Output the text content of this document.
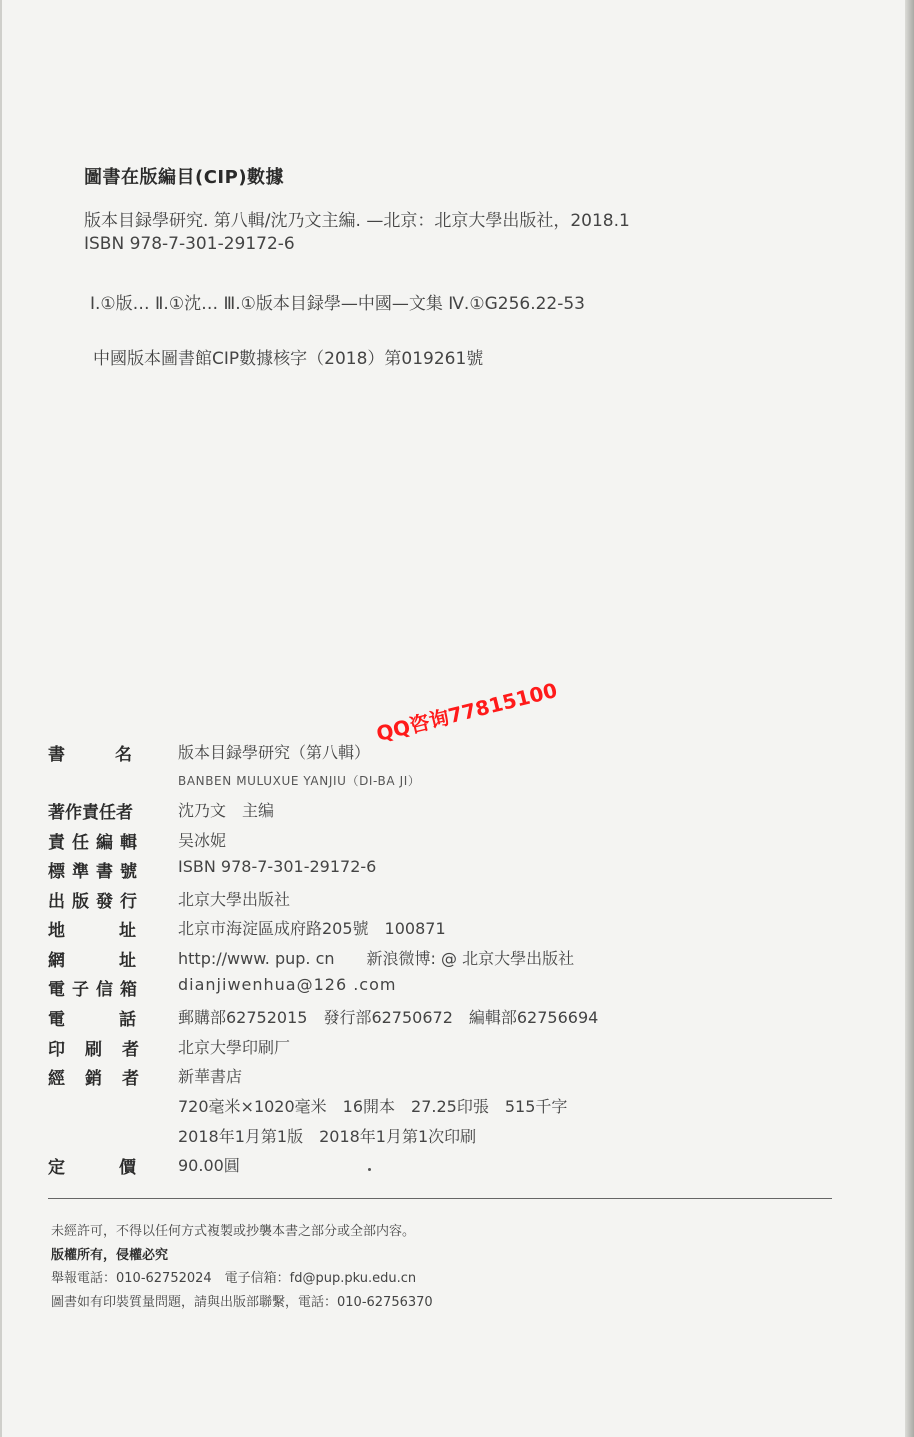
圖書在版編目(CIP)數據
版本目録學研究. 第八輯/沈乃文主編. —北京：北京大學出版社，2018.1
ISBN 978-7-301-29172-6
Ⅰ.①版… Ⅱ.①沈… Ⅲ.①版本目録學—中國—文集 Ⅳ.①G256.22-53
中國版本圖書館CIP數據核字（2018）第019261號
QQ咨询77815100
書名
版本目録學研究（第八輯）
BANBEN MULUXUE YANJIU（DI-BA JI）
著作責任者	沈乃文　主编
責任編輯 吴冰妮
標準書號 ISBN 978-7-301-29172-6
出版發行 北京大學出版社
地址
北京市海淀區成府路205號　100871
網址
http://www. pup. cn　　新浪微博: @ 北京大學出版社
電子信箱 dianjiwenhua@126 .com
電話
郵購部62752015　發行部62750672　編輯部62756694
印刷者 北京大學印刷厂
經銷者 新華書店
720毫米×1020毫米　16開本　27.25印張　515千字
2018年1月第1版　2018年1月第1次印刷
定價
90.00圓
未經許可，不得以任何方式複製或抄襲本書之部分或全部内容。
版權所有，侵權必究
舉報電話：010-62752024　電子信箱：fd@pup.pku.edu.cn
圖書如有印裝質量問題，請與出版部聯繫，電話：010-62756370
